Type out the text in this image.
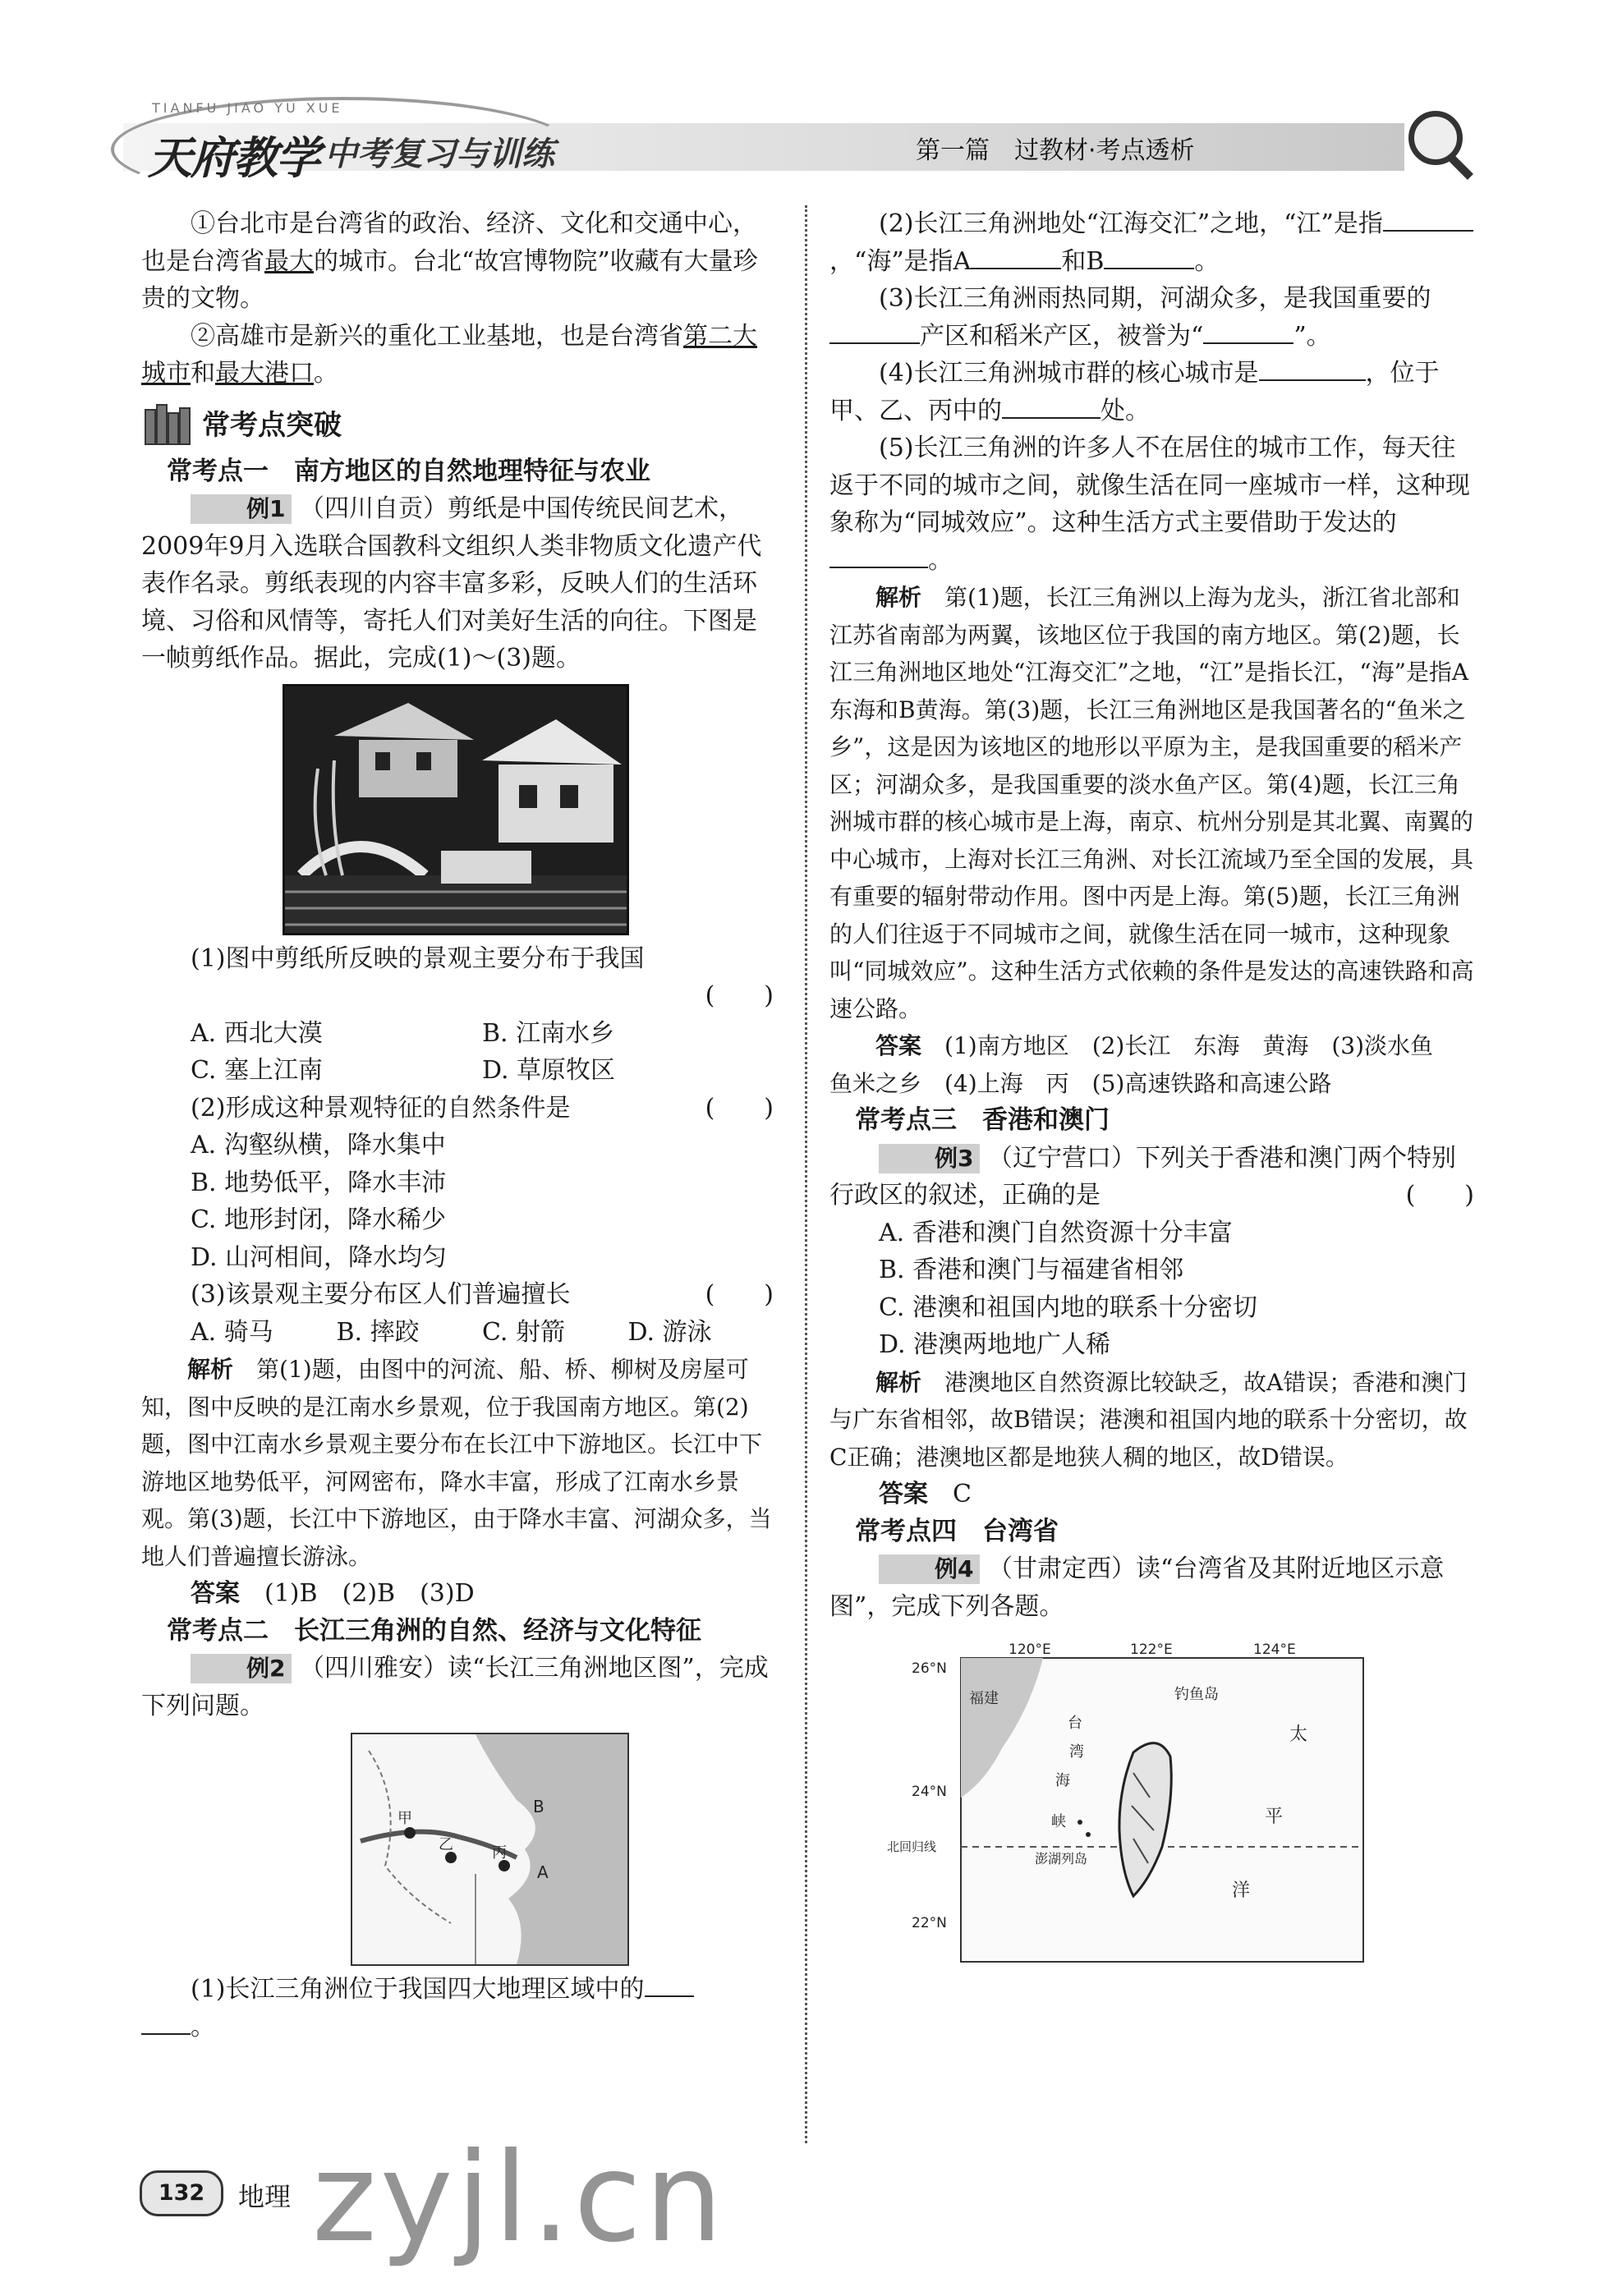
TIANFU JIAO YU XUE
天府教学 中考复习与训练	第一篇　过教材·考点透析

①台北市是台湾省的政治、经济、文化和交通中心，也是台湾省最大的城市。台北“故宫博物院”收藏有大量珍贵的文物。

②高雄市是新兴的重化工业基地，也是台湾省第二大城市和最大港口。

常考点突破

常考点一　南方地区的自然地理特征与农业

例1 （四川自贡）剪纸是中国传统民间艺术，2009年9月入选联合国教科文组织人类非物质文化遗产代表作名录。剪纸表现的内容丰富多彩，反映人们的生活环境、习俗和风情等，寄托人们对美好生活的向往。下图是一帧剪纸作品。据此，完成(1)～(3)题。

(1)图中剪纸所反映的景观主要分布于我国

(　　)

A. 西北大漠	B. 江南水乡
C. 塞上江南	D. 草原牧区

(2)形成这种景观特征的自然条件是	(　　)

A. 沟壑纵横，降水集中
B. 地势低平，降水丰沛
C. 地形封闭，降水稀少
D. 山河相间，降水均匀

(3)该景观主要分布区人们普遍擅长	(　　)

A. 骑马	B. 摔跤	C. 射箭	D. 游泳

解析　 第(1)题，由图中的河流、船、桥、柳树及房屋可知，图中反映的是江南水乡景观，位于我国南方地区。第(2)题，图中江南水乡景观主要分布在长江中下游地区。长江中下游地区地势低平，河网密布，降水丰富，形成了江南水乡景观。第(3)题，长江中下游地区，由于降水丰富、河湖众多，当地人们普遍擅长游泳。

答案　 (1)B　(2)B　(3)D

常考点二　长江三角洲的自然、经济与文化特征

例2 （四川雅安）读“长江三角洲地区图”，完成下列问题。

B
A
甲
乙	丙

(1)长江三角洲位于我国四大地理区域中的

。

(2)长江三角洲地处“江海交汇”之地，“江”是指，“海”是指A	和B	。

(3)长江三角洲雨热同期，河湖众多，是我国重要的产区和稻米产区，被誉为“	”。

(4)长江三角洲城市群的核心城市是	，位于甲、乙、丙中的	处。

(5)长江三角洲的许多人不在居住的城市工作，每天往返于不同的城市之间，就像生活在同一座城市一样，这种现象称为“同城效应”。这种生活方式主要借助于发达的。

解析　 第(1)题，长江三角洲以上海为龙头，浙江省北部和江苏省南部为两翼，该地区位于我国的南方地区。第(2)题，长江三角洲地区地处“江海交汇”之地，“江”是指长江，“海”是指A东海和B黄海。第(3)题，长江三角洲地区是我国著名的“鱼米之乡”，这是因为该地区的地形以平原为主，是我国重要的稻米产区；河湖众多，是我国重要的淡水鱼产区。第(4)题，长江三角洲城市群的核心城市是上海，南京、杭州分别是其北翼、南翼的中心城市，上海对长江三角洲、对长江流域乃至全国的发展，具有重要的辐射带动作用。图中丙是上海。第(5)题，长江三角洲的人们往返于不同城市之间，就像生活在同一城市，这种现象叫“同城效应”。这种生活方式依赖的条件是发达的高速铁路和高速公路。

答案　 (1)南方地区　(2)长江　东海　黄海　(3)淡水鱼　鱼米之乡　(4)上海　丙　(5)高速铁路和高速公路

常考点三　香港和澳门

例3 （辽宁营口）下列关于香港和澳门两个特别行政区的叙述，正确的是	(　　)

A. 香港和澳门自然资源十分丰富
B. 香港和澳门与福建省相邻
C. 港澳和祖国内地的联系十分密切
D. 港澳两地地广人稀

解析　 港澳地区自然资源比较缺乏，故A错误；香港和澳门与广东省相邻，故B错误；港澳和祖国内地的联系十分密切，故C正确；港澳地区都是地狭人稠的地区，故D错误。

答案　 C

常考点四　台湾省

例4 （甘肃定西）读“台湾省及其附近地区示意图”，完成下列各题。

120°E	122°E	124°E
26°N
24°N
22°N
福建	钓鱼岛
太
平
洋
台
湾
海
峡
北回归线
澎湖列岛
132	地理 zyjl.cn
